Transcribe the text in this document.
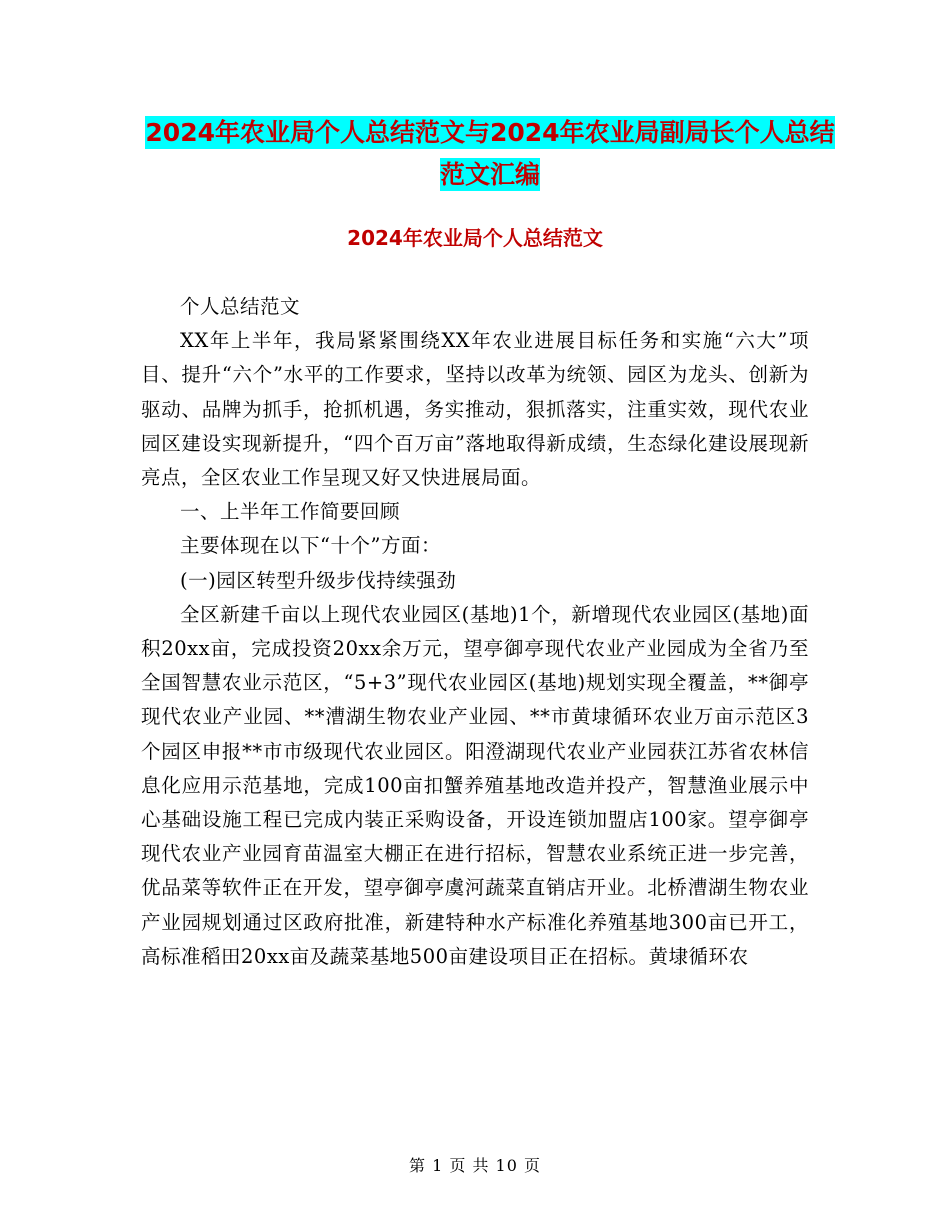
2024年农业局个人总结范文与2024年农业局副局长个人总结范文汇编
2024年农业局个人总结范文

个人总结范文

XX年上半年，我局紧紧围绕XX年农业进展目标任务和实施“六大”项目、提升“六个”水平的工作要求，坚持以改革为统领、园区为龙头、创新为驱动、品牌为抓手，抢抓机遇，务实推动，狠抓落实，注重实效，现代农业园区建设实现新提升，“四个百万亩”落地取得新成绩，生态绿化建设展现新亮点，全区农业工作呈现又好又快进展局面。

一、上半年工作简要回顾

主要体现在以下“十个”方面：

(一)园区转型升级步伐持续强劲

全区新建千亩以上现代农业园区(基地)1个，新增现代农业园区(基地)面积20xx亩，完成投资20xx余万元，望亭御亭现代农业产业园成为全省乃至全国智慧农业示范区，“5+3”现代农业园区(基地)规划实现全覆盖，**御亭现代农业产业园、**漕湖生物农业产业园、**市黄埭循环农业万亩示范区3个园区申报**市市级现代农业园区。阳澄湖现代农业产业园获江苏省农林信息化应用示范基地，完成100亩扣蟹养殖基地改造并投产，智慧渔业展示中心基础设施工程已完成内装正采购设备，开设连锁加盟店100家。望亭御亭现代农业产业园育苗温室大棚正在进行招标，智慧农业系统正进一步完善，优品菜等软件正在开发，望亭御亭虞河蔬菜直销店开业。北桥漕湖生物农业产业园规划通过区政府批准，新建特种水产标准化养殖基地300亩已开工，高标准稻田20xx亩及蔬菜基地500亩建设项目正在招标。黄埭循环农

第 1 页 共 10 页
